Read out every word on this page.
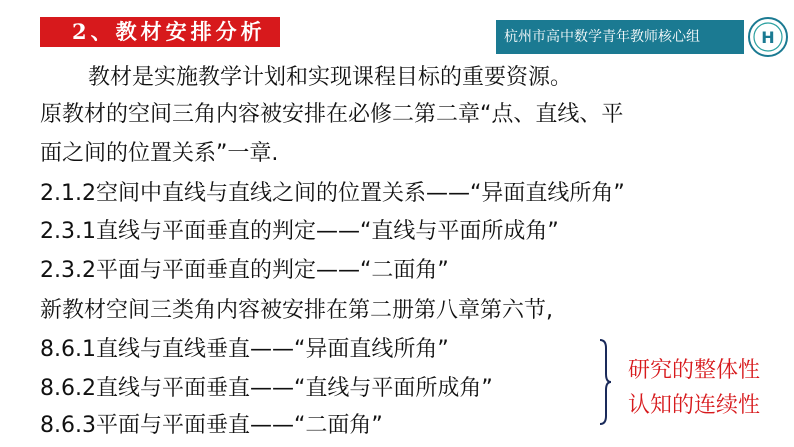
2、教材安排分析	杭州市高中数学青年教师核心组	H
教材是实施教学计划和实现课程目标的重要资源。
原教材的空间三角内容被安排在必修二第二章“点、直线、平
面之间的位置关系”一章.
2.1.2空间中直线与直线之间的位置关系——“异面直线所角”
2.3.1直线与平面垂直的判定——“直线与平面所成角”
2.3.2平面与平面垂直的判定——“二面角”
新教材空间三类角内容被安排在第二册第八章第六节,
8.6.1直线与直线垂直——“异面直线所角”
8.6.2直线与平面垂直——“直线与平面所成角”
8.6.3平面与平面垂直——“二面角”
研究的整体性
认知的连续性
